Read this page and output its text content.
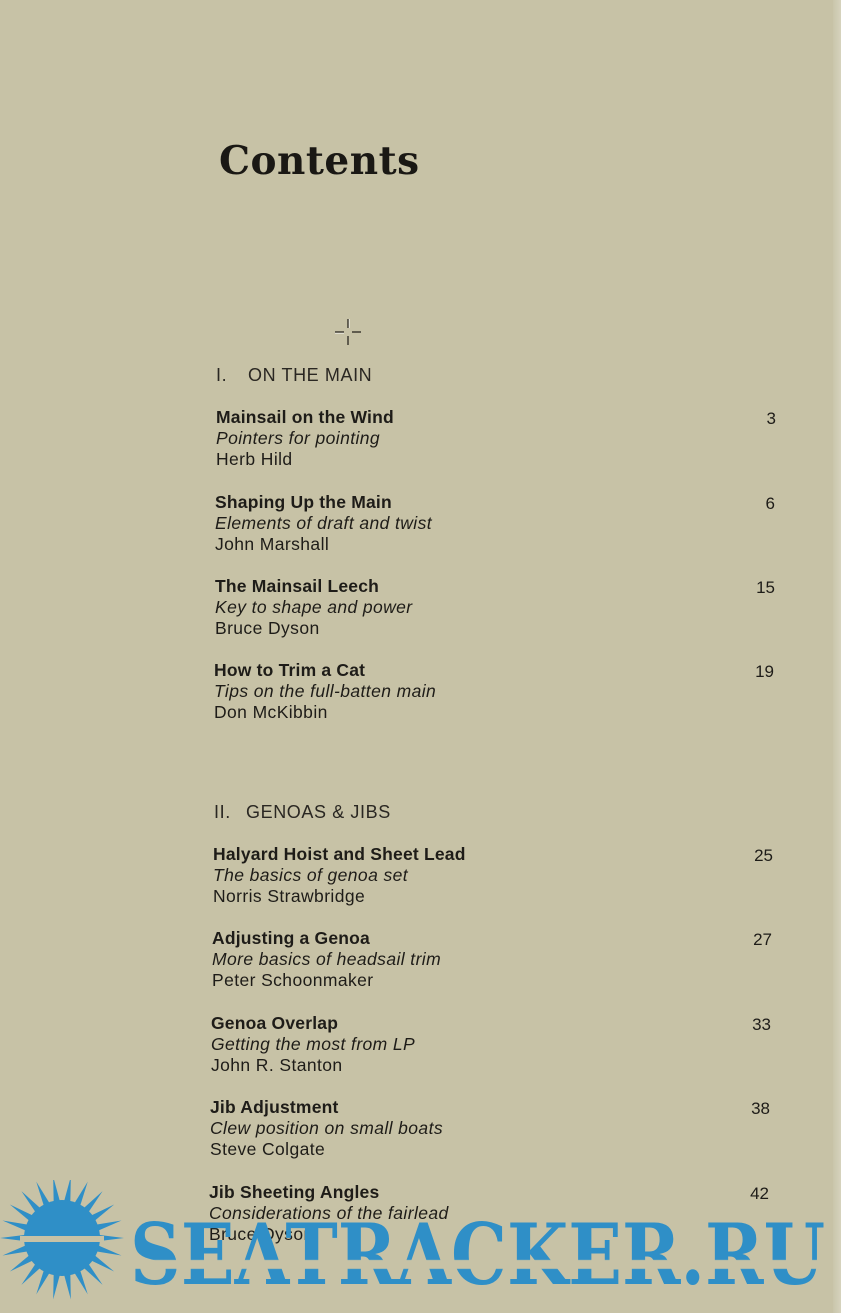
Contents
I. ON THE MAIN
Mainsail on the Wind
Pointers for pointing
Herb Hild
3
Shaping Up the Main
Elements of draft and twist
John Marshall
6
The Mainsail Leech
Key to shape and power
Bruce Dyson
15
How to Trim a Cat
Tips on the full-batten main
Don McKibbin
19
II. GENOAS & JIBS
Halyard Hoist and Sheet Lead
The basics of genoa set
Norris Strawbridge
25
Adjusting a Genoa
More basics of headsail trim
Peter Schoonmaker
27
Genoa Overlap
Getting the most from LP
John R. Stanton
33
Jib Adjustment
Clew position on small boats
Steve Colgate
38
Jib Sheeting Angles
Considerations of the fairlead
Bruce Dyson
42
SEATRACKER.RU
